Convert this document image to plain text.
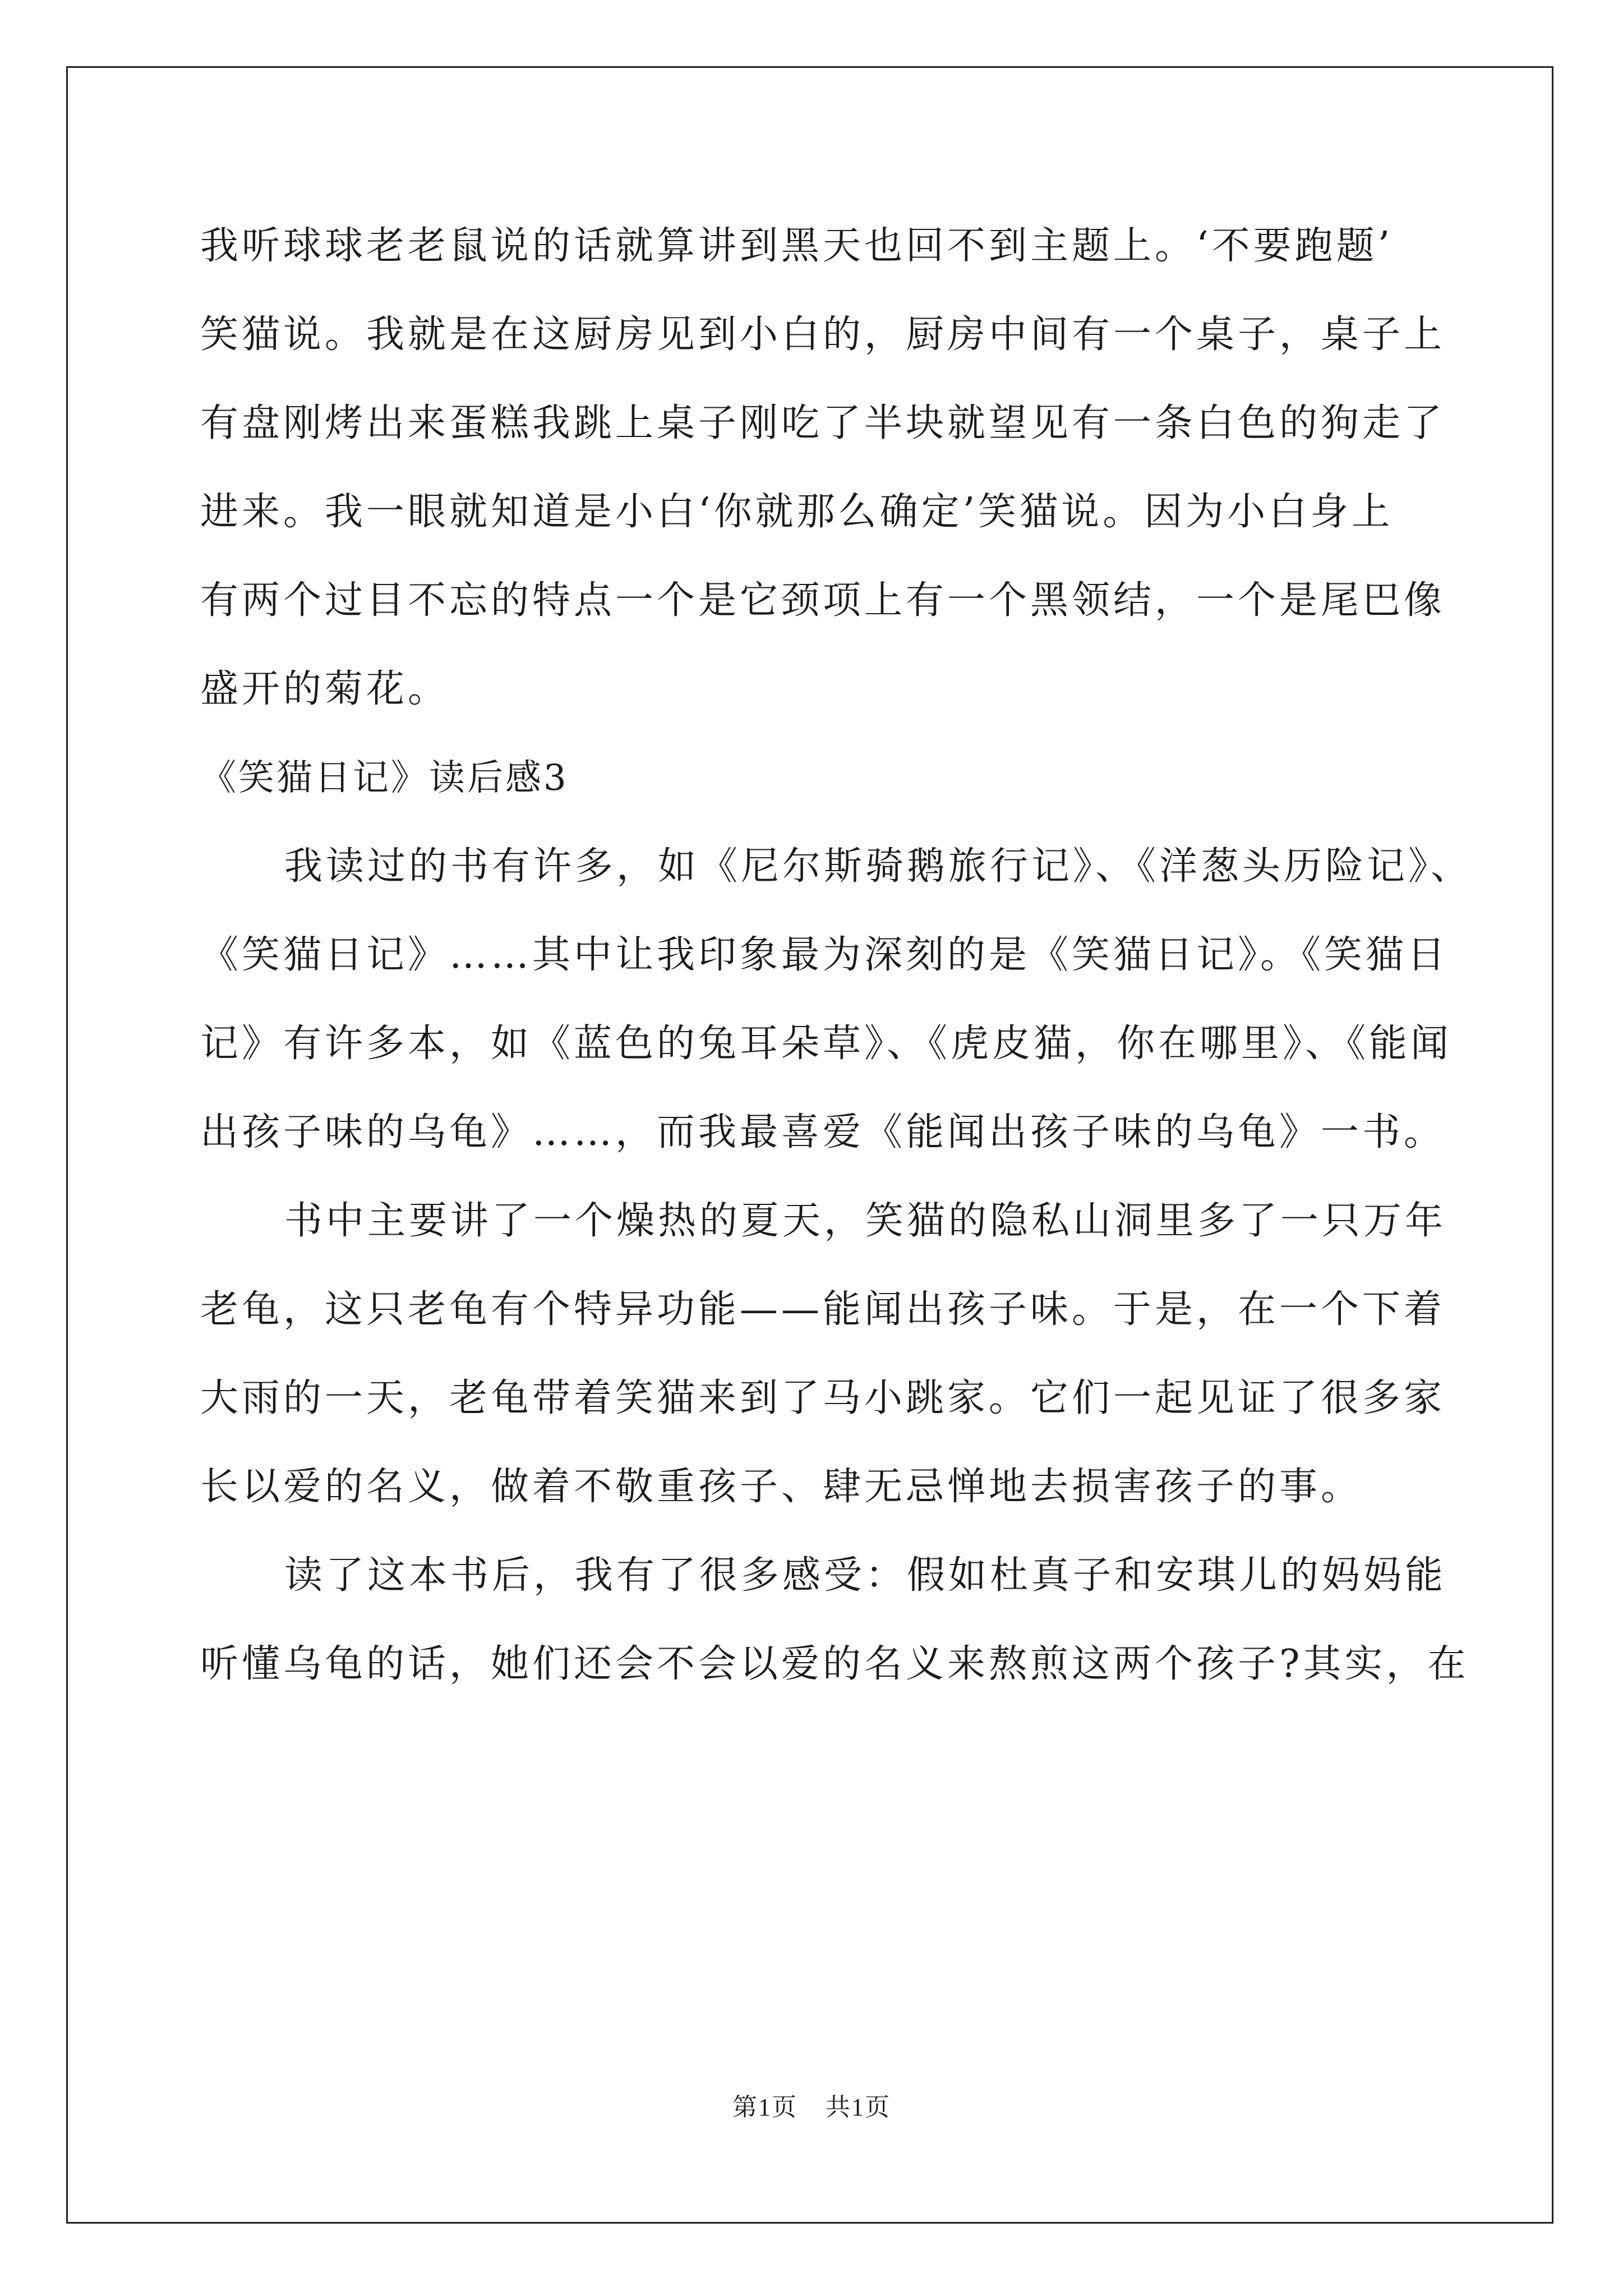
我听球球老老鼠说的话就算讲到黑天也回不到主题上。‘不要跑题’
笑猫说。我就是在这厨房见到小白的，厨房中间有一个桌子，桌子上
有盘刚烤出来蛋糕我跳上桌子刚吃了半块就望见有一条白色的狗走了
进来。我一眼就知道是小白‘你就那么确定’笑猫说。因为小白身上
有两个过目不忘的特点一个是它颈项上有一个黑领结，一个是尾巴像
盛开的菊花。
《笑猫日记》读后感3
我读过的书有许多，如《尼尔斯骑鹅旅行记》、《洋葱头历险记》、
《笑猫日记》……其中让我印象最为深刻的是《笑猫日记》。《笑猫日
记》有许多本，如《蓝色的兔耳朵草》、《虎皮猫，你在哪里》、《能闻
出孩子味的乌龟》……，而我最喜爱《能闻出孩子味的乌龟》一书。
书中主要讲了一个燥热的夏天，笑猫的隐私山洞里多了一只万年
老龟，这只老龟有个特异功能——能闻出孩子味。于是，在一个下着
大雨的一天，老龟带着笑猫来到了马小跳家。它们一起见证了很多家
长以爱的名义，做着不敬重孩子、肆无忌惮地去损害孩子的事。
读了这本书后，我有了很多感受：假如杜真子和安琪儿的妈妈能
听懂乌龟的话，她们还会不会以爱的名义来熬煎这两个孩子?其实，在
第1页 共1页
